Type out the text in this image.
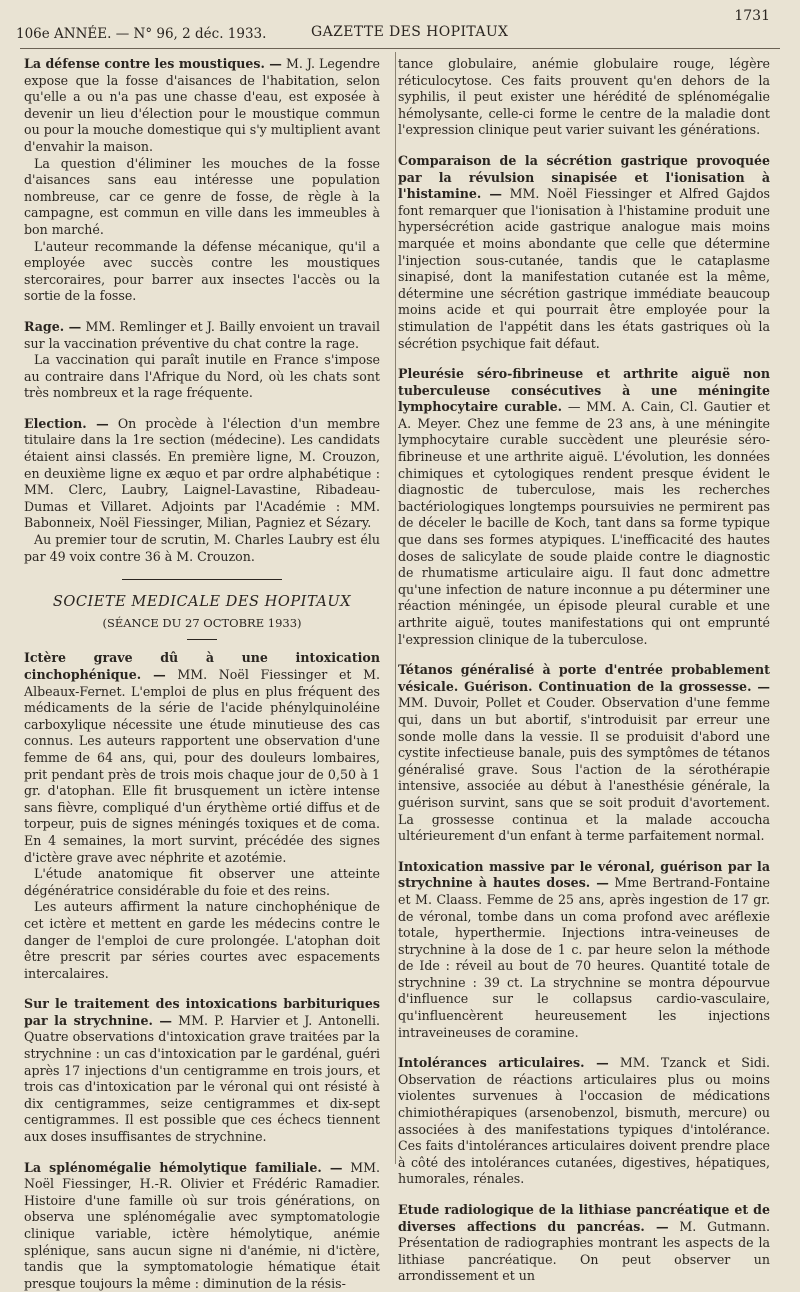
106e ANNÉE. — N° 96, 2 déc. 1933.	GAZETTE DES HOPITAUX
1731

La défense contre les moustiques. — M. J. Legendre expose que la fosse d'aisances de l'habitation, selon qu'elle a ou n'a pas une chasse d'eau, est exposée à devenir un lieu d'élection pour le moustique commun ou pour la mouche domestique qui s'y multiplient avant d'envahir la maison.

La question d'éliminer les mouches de la fosse d'aisances sans eau intéresse une population nombreuse, car ce genre de fosse, de règle à la campagne, est commun en ville dans les immeubles à bon marché.

L'auteur recommande la défense mécanique, qu'il a employée avec succès contre les moustiques stercoraires, pour barrer aux insectes l'accès ou la sortie de la fosse.

Rage. — MM. Remlinger et J. Bailly envoient un travail sur la vaccination préventive du chat contre la rage.

La vaccination qui paraît inutile en France s'impose au contraire dans l'Afrique du Nord, où les chats sont très nombreux et la rage fréquente.

Election. — On procède à l'élection d'un membre titulaire dans la 1re section (médecine). Les candidats étaient ainsi classés. En première ligne, M. Crouzon, en deuxième ligne ex æquo et par ordre alphabétique : MM. Clerc, Laubry, Laignel-Lavastine, Ribadeau-Dumas et Villaret. Adjoints par l'Académie : MM. Babonneix, Noël Fiessinger, Milian, Pagniez et Sézary.

Au premier tour de scrutin, M. Charles Laubry est élu par 49 voix contre 36 à M. Crouzon.

SOCIETE MEDICALE DES HOPITAUX

(SÉANCE DU 27 OCTOBRE 1933)

Ictère grave dû à une intoxication cinchophénique. — MM. Noël Fiessinger et M. Albeaux-Fernet. L'emploi de plus en plus fréquent des médicaments de la série de l'acide phénylquinoléine carboxylique nécessite une étude minutieuse des cas connus. Les auteurs rapportent une observation d'une femme de 64 ans, qui, pour des douleurs lombaires, prit pendant près de trois mois chaque jour de 0,50 à 1 gr. d'atophan. Elle fit brusquement un ictère intense sans fièvre, compliqué d'un érythème ortié diffus et de torpeur, puis de signes méningés toxiques et de coma. En 4 semaines, la mort survint, précédée des signes d'ictère grave avec néphrite et azotémie.

L'étude anatomique fit observer une atteinte dégénératrice considérable du foie et des reins.

Les auteurs affirment la nature cinchophénique de cet ictère et mettent en garde les médecins contre le danger de l'emploi de cure prolongée. L'atophan doit être prescrit par séries courtes avec espacements intercalaires.

Sur le traitement des intoxications barbituriques par la strychnine. — MM. P. Harvier et J. Antonelli. Quatre observations d'intoxication grave traitées par la strychnine : un cas d'intoxication par le gardénal, guéri après 17 injections d'un centigramme en trois jours, et trois cas d'intoxication par le véronal qui ont résisté à dix centigrammes, seize centigrammes et dix-sept centigrammes. Il est possible que ces échecs tiennent aux doses insuffisantes de strychnine.

La splénomégalie hémolytique familiale. — MM. Noël Fiessinger, H.-R. Olivier et Frédéric Ramadier. Histoire d'une famille où sur trois générations, on observa une splénomégalie avec symptomatologie clinique variable, ictère hémolytique, anémie splénique, sans aucun signe ni d'anémie, ni d'ictère, tandis que la symptomatologie hématique était presque toujours la même : diminution de la résis-

tance globulaire, anémie globulaire rouge, légère réticulocytose. Ces faits prouvent qu'en dehors de la syphilis, il peut exister une hérédité de splénomégalie hémolysante, celle-ci forme le centre de la maladie dont l'expression clinique peut varier suivant les générations.

Comparaison de la sécrétion gastrique provoquée par la révulsion sinapisée et l'ionisation à l'histamine. — MM. Noël Fiessinger et Alfred Gajdos font remarquer que l'ionisation à l'histamine produit une hypersécrétion acide gastrique analogue mais moins marquée et moins abondante que celle que détermine l'injection sous-cutanée, tandis que le cataplasme sinapisé, dont la manifestation cutanée est la même, détermine une sécrétion gastrique immédiate beaucoup moins acide et qui pourrait être employée pour la stimulation de l'appétit dans les états gastriques où la sécrétion psychique fait défaut.

Pleurésie séro-fibrineuse et arthrite aiguë non tuberculeuse consécutives à une méningite lymphocytaire curable. — MM. A. Cain, Cl. Gautier et A. Meyer. Chez une femme de 23 ans, à une méningite lymphocytaire curable succèdent une pleurésie séro-fibrineuse et une arthrite aiguë. L'évolution, les données chimiques et cytologiques rendent presque évident le diagnostic de tuberculose, mais les recherches bactériologiques longtemps poursuivies ne permirent pas de déceler le bacille de Koch, tant dans sa forme typique que dans ses formes atypiques. L'inefficacité des hautes doses de salicylate de soude plaide contre le diagnostic de rhumatisme articulaire aigu. Il faut donc admettre qu'une infection de nature inconnue a pu déterminer une réaction méningée, un épisode pleural curable et une arthrite aiguë, toutes manifestations qui ont emprunté l'expression clinique de la tuberculose.

Tétanos généralisé à porte d'entrée probablement vésicale. Guérison. Continuation de la grossesse. — MM. Duvoir, Pollet et Couder. Observation d'une femme qui, dans un but abortif, s'introduisit par erreur une sonde molle dans la vessie. Il se produisit d'abord une cystite infectieuse banale, puis des symptômes de tétanos généralisé grave. Sous l'action de la sérothérapie intensive, associée au début à l'anesthésie générale, la guérison survint, sans que se soit produit d'avortement. La grossesse continua et la malade accoucha ultérieurement d'un enfant à terme parfaitement normal.

Intoxication massive par le véronal, guérison par la strychnine à hautes doses. — Mme Bertrand-Fontaine et M. Claass. Femme de 25 ans, après ingestion de 17 gr. de véronal, tombe dans un coma profond avec aréflexie totale, hyperthermie. Injections intra-veineuses de strychnine à la dose de 1 c. par heure selon la méthode de Ide : réveil au bout de 70 heures. Quantité totale de strychnine : 39 ct. La strychnine se montra dépourvue d'influence sur le collapsus cardio-vasculaire, qu'influencèrent heureusement les injections intraveineuses de coramine.

Intolérances articulaires. — MM. Tzanck et Sidi. Observation de réactions articulaires plus ou moins violentes survenues à l'occasion de médications chimiothérapiques (arsenobenzol, bismuth, mercure) ou associées à des manifestations typiques d'intolérance. Ces faits d'intolérances articulaires doivent prendre place à côté des intolérances cutanées, digestives, hépatiques, humorales, rénales.

Etude radiologique de la lithiase pancréatique et de diverses affections du pancréas. — M. Gutmann. Présentation de radiographies montrant les aspects de la lithiase pancréatique. On peut observer un arrondissement et un
